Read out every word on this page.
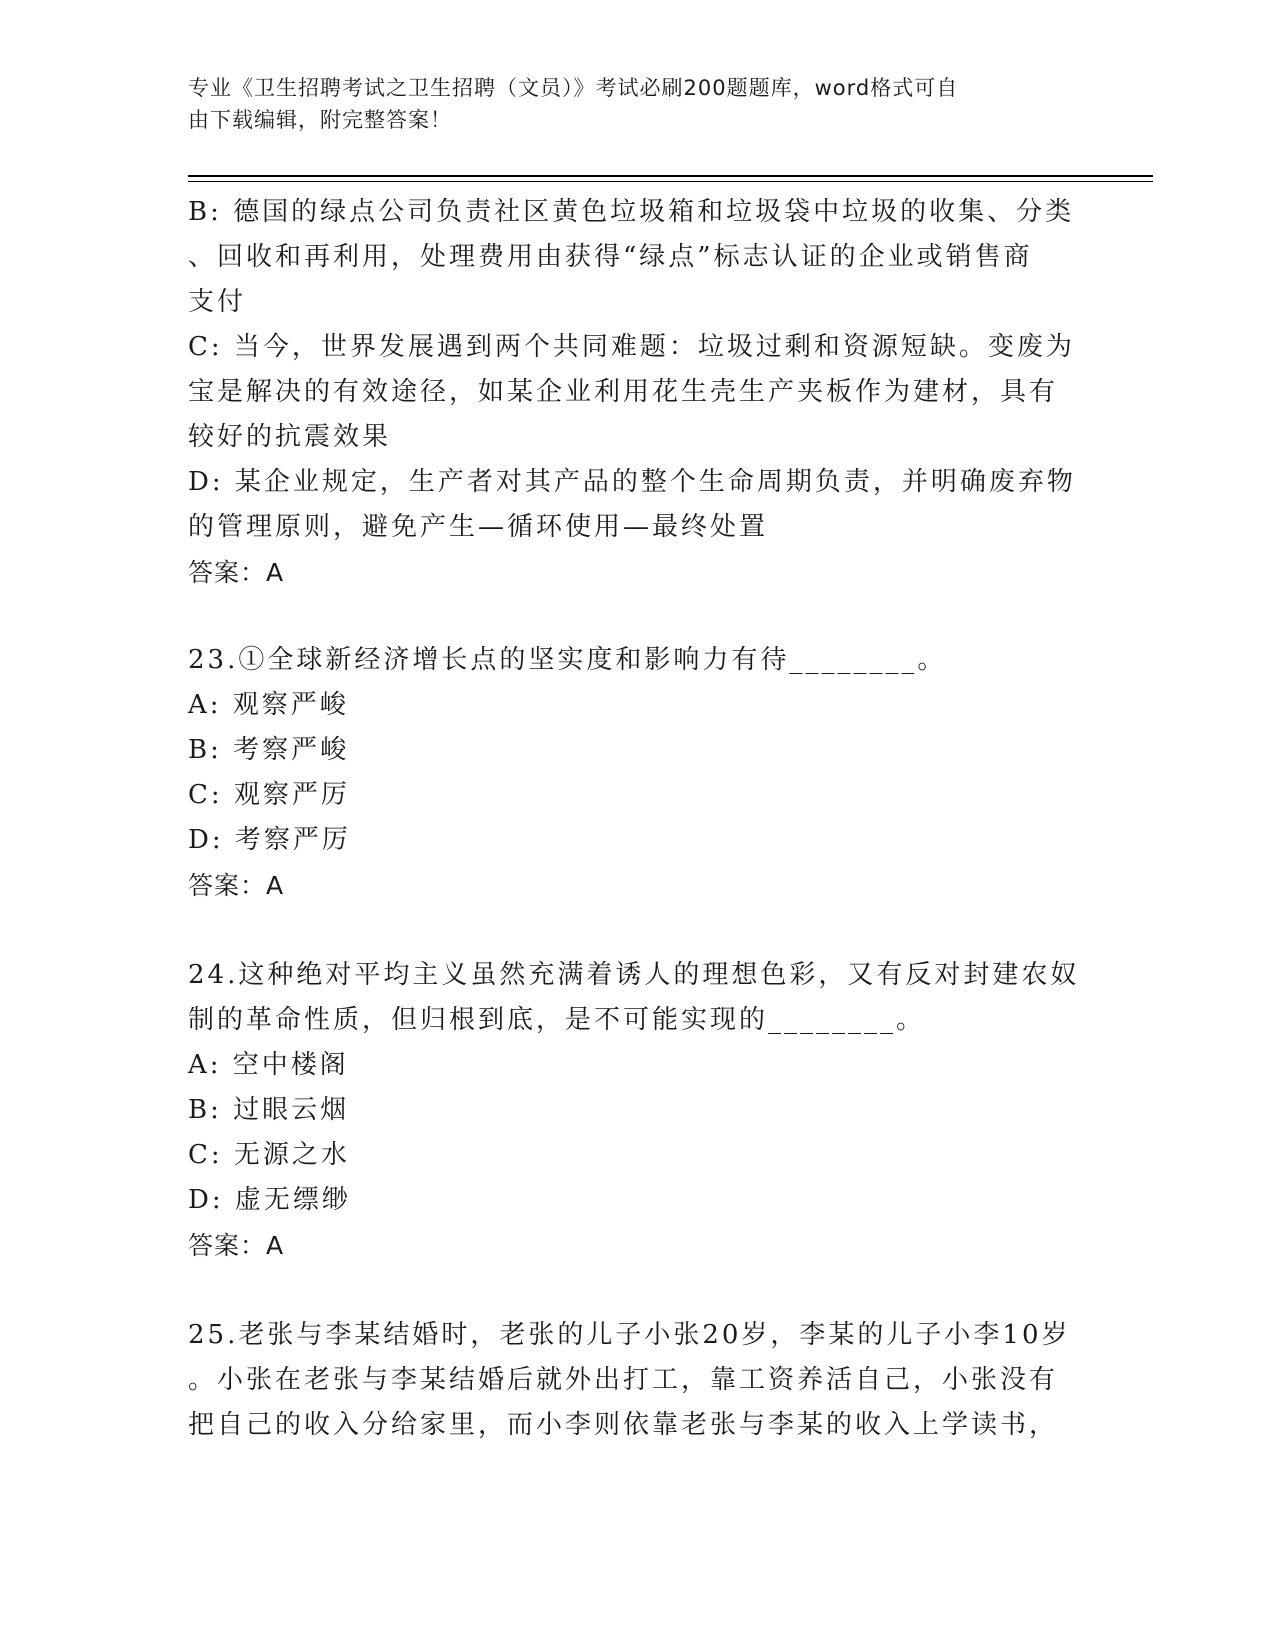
专业《卫生招聘考试之卫生招聘（文员）》考试必刷200题题库，word格式可自
由下载编辑，附完整答案！
B: 德国的绿点公司负责社区黄色垃圾箱和垃圾袋中垃圾的收集、分类
、回收和再利用，处理费用由获得“绿点”标志认证的企业或销售商
支付
C: 当今，世界发展遇到两个共同难题：垃圾过剩和资源短缺。变废为
宝是解决的有效途径，如某企业利用花生壳生产夹板作为建材，具有
较好的抗震效果
D: 某企业规定，生产者对其产品的整个生命周期负责，并明确废弃物
的管理原则，避免产生—循环使用—最终处置
答案：A
23.①全球新经济增长点的坚实度和影响力有待________。
A: 观察严峻
B: 考察严峻
C: 观察严厉
D: 考察严厉
答案：A
24.这种绝对平均主义虽然充满着诱人的理想色彩，又有反对封建农奴
制的革命性质，但归根到底，是不可能实现的________。
A: 空中楼阁
B: 过眼云烟
C: 无源之水
D: 虚无缥缈
答案：A
25.老张与李某结婚时，老张的儿子小张20岁，李某的儿子小李10岁
。小张在老张与李某结婚后就外出打工，靠工资养活自己，小张没有
把自己的收入分给家里，而小李则依靠老张与李某的收入上学读书，
